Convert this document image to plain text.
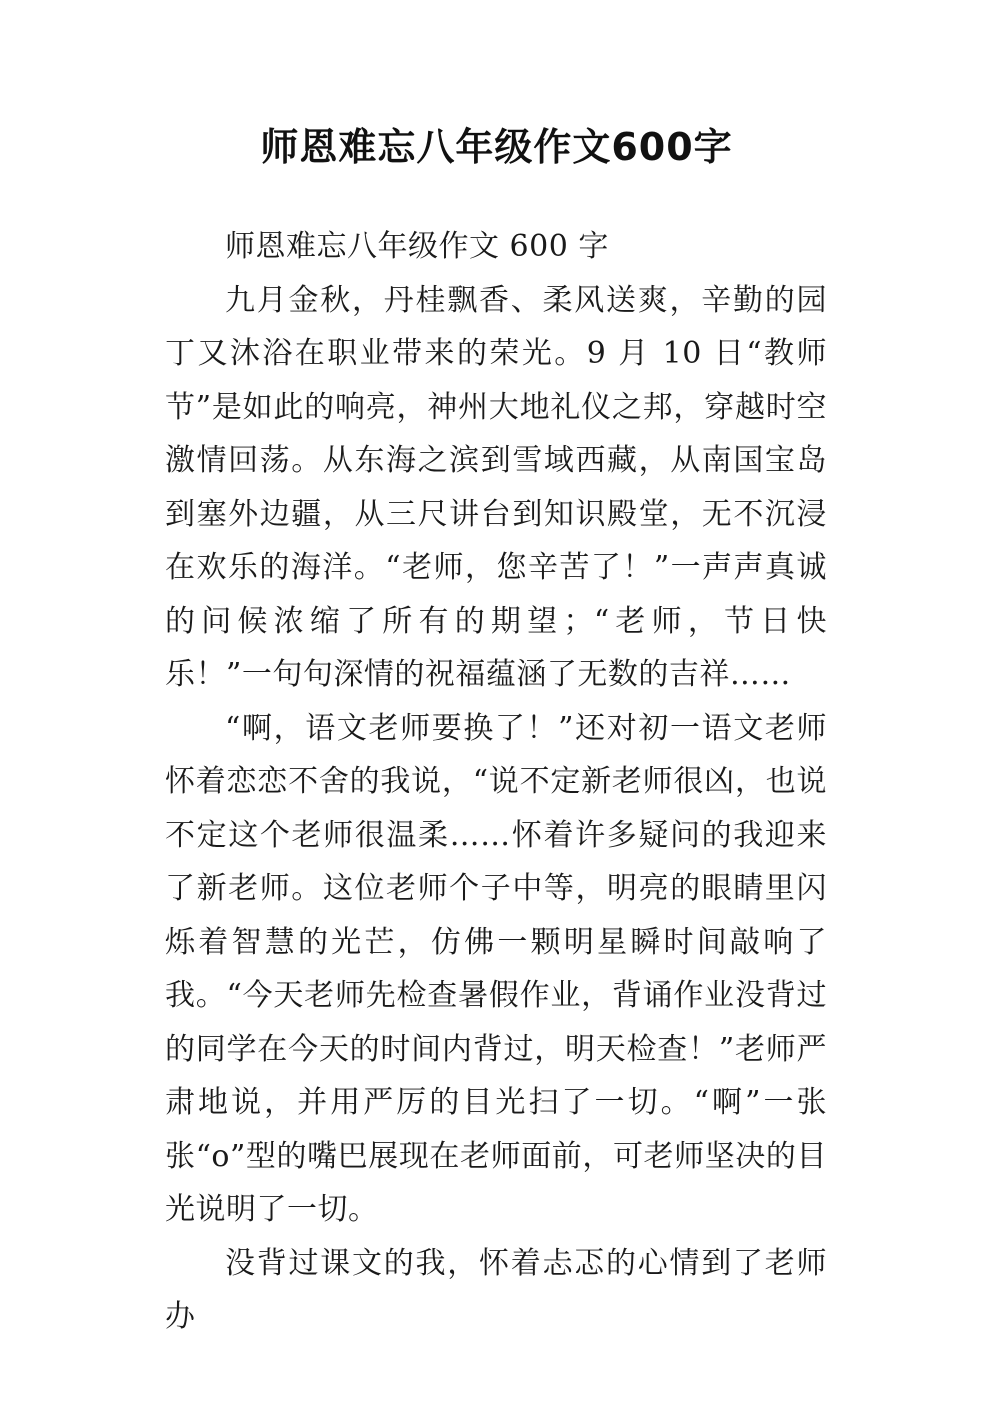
师恩难忘八年级作文600字

师恩难忘八年级作文 600 字

九月金秋，丹桂飘香、柔风送爽，辛勤的园丁又沐浴在职业带来的荣光。9 月 10 日“教师节”是如此的响亮，神州大地礼仪之邦，穿越时空激情回荡。从东海之滨到雪域西藏，从南国宝岛到塞外边疆，从三尺讲台到知识殿堂，无不沉浸在欢乐的海洋。“老师，您辛苦了！”一声声真诚的问候浓缩了所有的期望；“老师，节日快乐！”一句句深情的祝福蕴涵了无数的吉祥……

“啊，语文老师要换了！”还对初一语文老师怀着恋恋不舍的我说，“说不定新老师很凶，也说不定这个老师很温柔……怀着许多疑问的我迎来了新老师。这位老师个子中等，明亮的眼睛里闪烁着智慧的光芒，仿佛一颗明星瞬时间敲响了我。“今天老师先检查暑假作业，背诵作业没背过的同学在今天的时间内背过，明天检查！”老师严肃地说，并用严厉的目光扫了一切。“啊”一张张“o”型的嘴巴展现在老师面前，可老师坚决的目光说明了一切。

没背过课文的我，怀着忐忑的心情到了老师办
